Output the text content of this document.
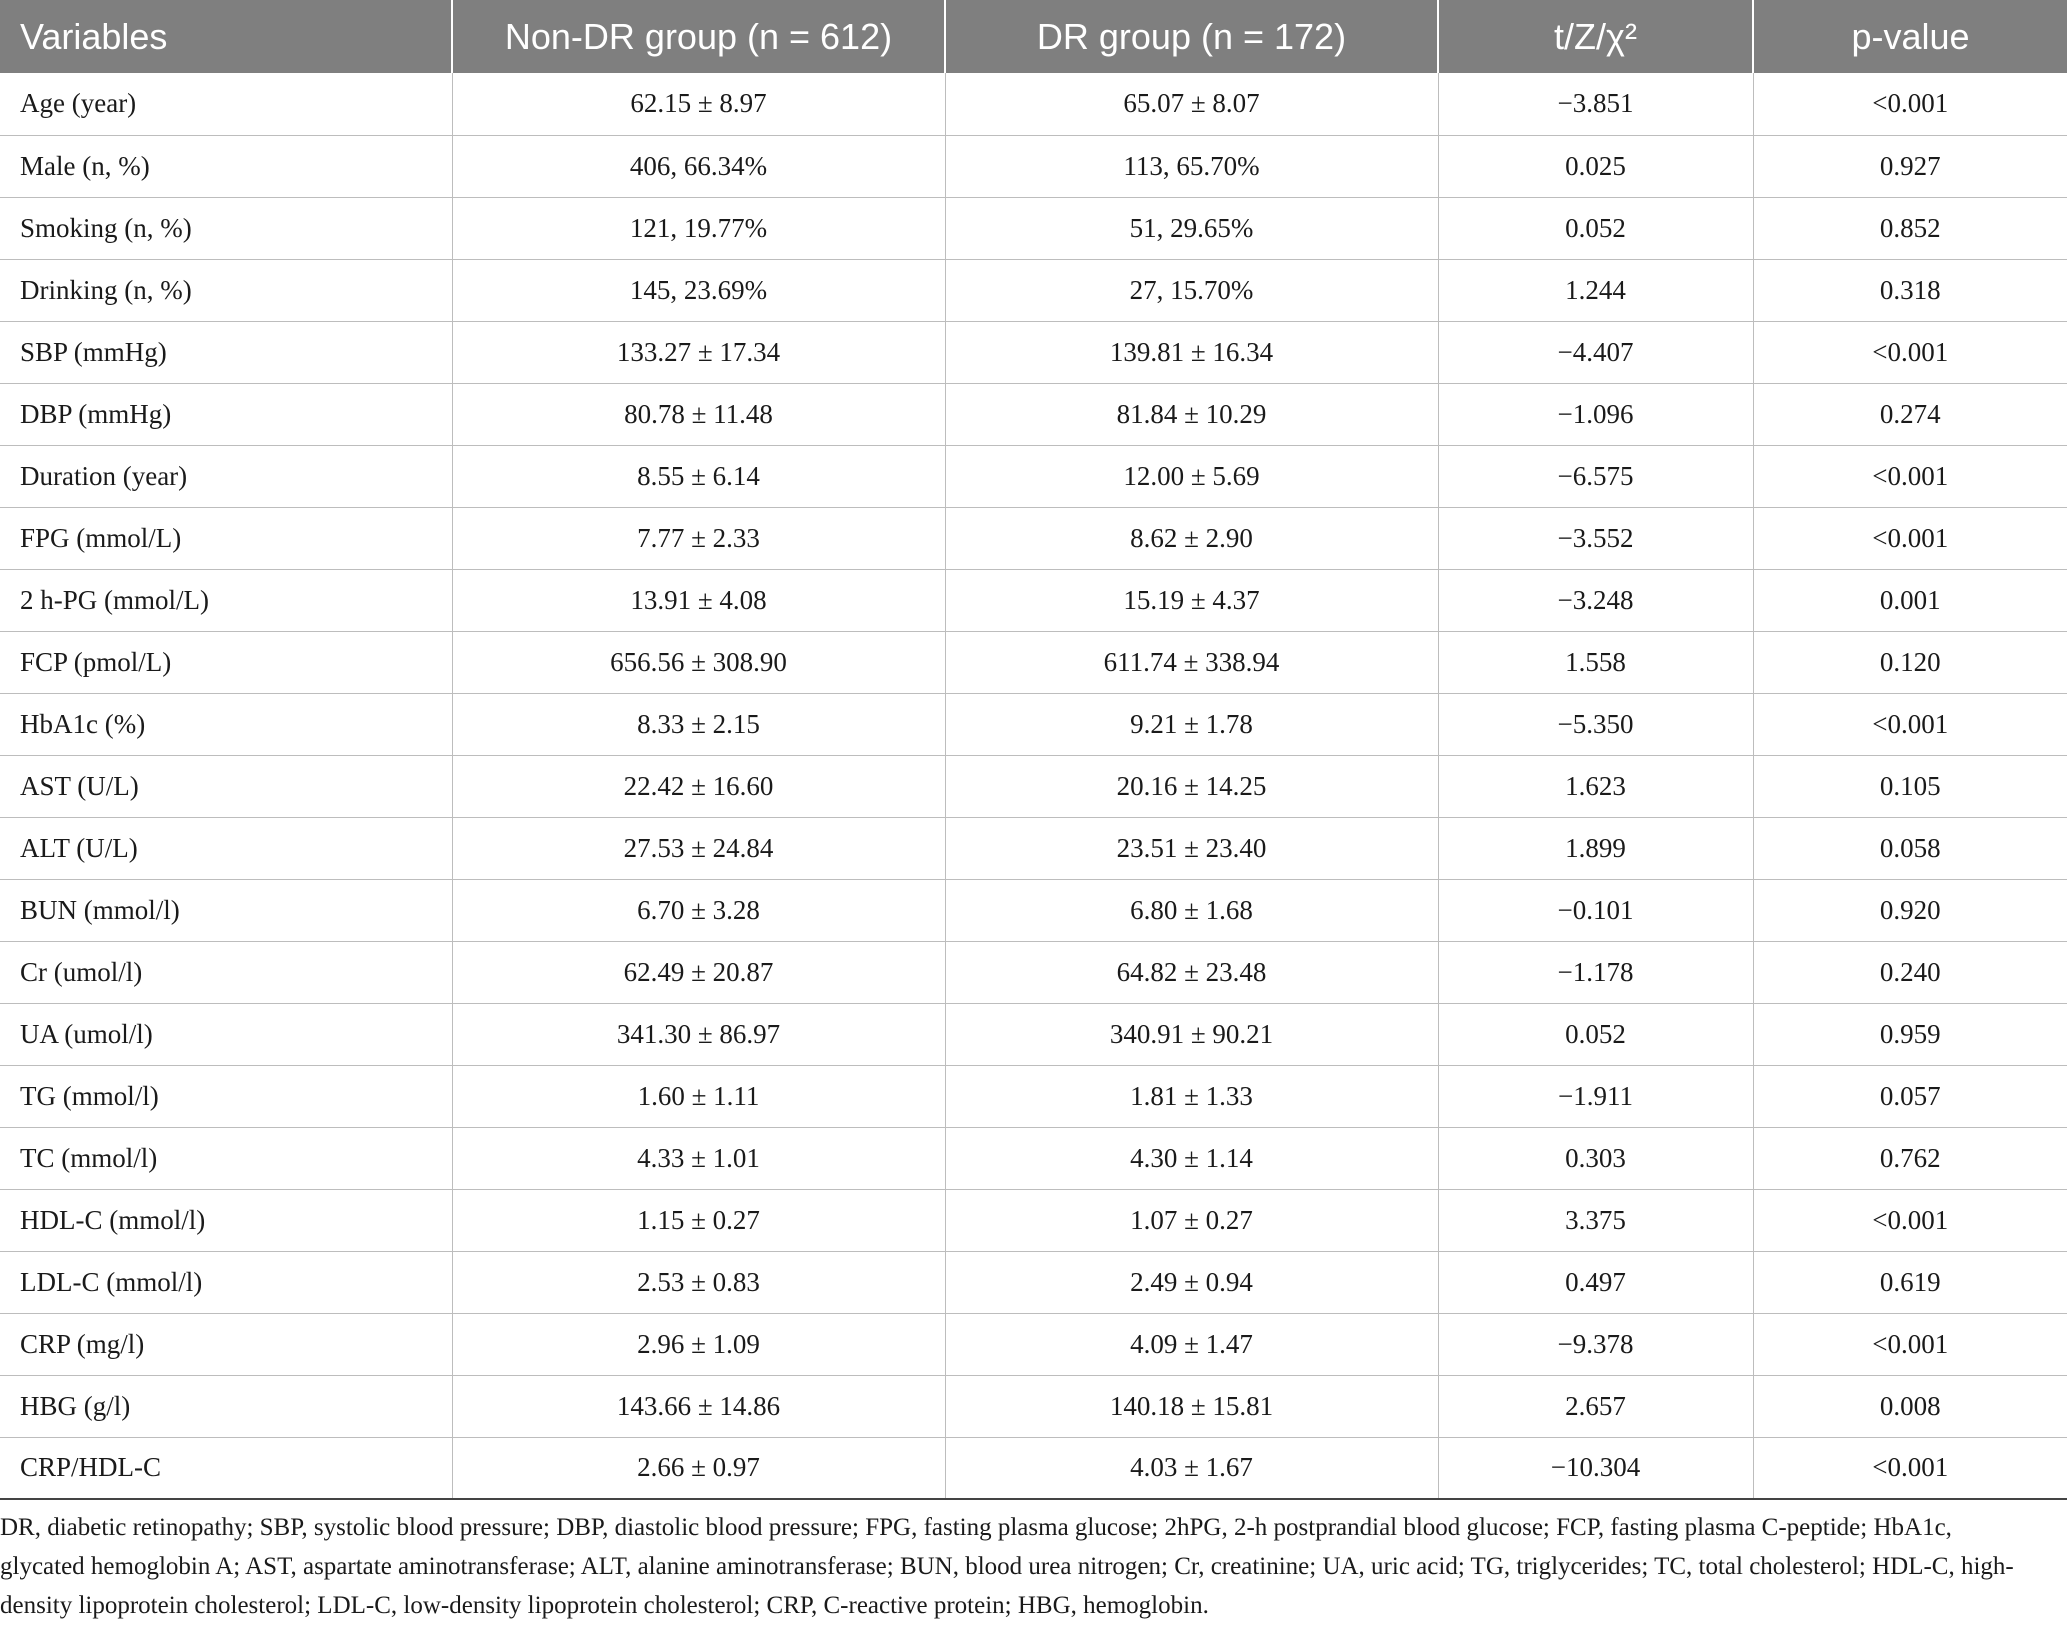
Variables	Non-DR group (n = 612)	DR group (n = 172)	t/Z/χ²	p-value
Age (year)	62.15 ± 8.97	65.07 ± 8.07	−3.851	<0.001
Male (n, %)	406, 66.34%	113, 65.70%	0.025	0.927
Smoking (n, %)	121, 19.77%	51, 29.65%	0.052	0.852
Drinking (n, %)	145, 23.69%	27, 15.70%	1.244	0.318
SBP (mmHg)	133.27 ± 17.34	139.81 ± 16.34	−4.407	<0.001
DBP (mmHg)	80.78 ± 11.48	81.84 ± 10.29	−1.096	0.274
Duration (year)	8.55 ± 6.14	12.00 ± 5.69	−6.575	<0.001
FPG (mmol/L)	7.77 ± 2.33	8.62 ± 2.90	−3.552	<0.001
2 h-PG (mmol/L)	13.91 ± 4.08	15.19 ± 4.37	−3.248	0.001
FCP (pmol/L)	656.56 ± 308.90	611.74 ± 338.94	1.558	0.120
HbA1c (%)	8.33 ± 2.15	9.21 ± 1.78	−5.350	<0.001
AST (U/L)	22.42 ± 16.60	20.16 ± 14.25	1.623	0.105
ALT (U/L)	27.53 ± 24.84	23.51 ± 23.40	1.899	0.058
BUN (mmol/l)	6.70 ± 3.28	6.80 ± 1.68	−0.101	0.920
Cr (umol/l)	62.49 ± 20.87	64.82 ± 23.48	−1.178	0.240
UA (umol/l)	341.30 ± 86.97	340.91 ± 90.21	0.052	0.959
TG (mmol/l)	1.60 ± 1.11	1.81 ± 1.33	−1.911	0.057
TC (mmol/l)	4.33 ± 1.01	4.30 ± 1.14	0.303	0.762
HDL-C (mmol/l)	1.15 ± 0.27	1.07 ± 0.27	3.375	<0.001
LDL-C (mmol/l)	2.53 ± 0.83	2.49 ± 0.94	0.497	0.619
CRP (mg/l)	2.96 ± 1.09	4.09 ± 1.47	−9.378	<0.001
HBG (g/l)	143.66 ± 14.86	140.18 ± 15.81	2.657	0.008
CRP/HDL-C	2.66 ± 0.97	4.03 ± 1.67	−10.304	<0.001

DR, diabetic retinopathy; SBP, systolic blood pressure; DBP, diastolic blood pressure; FPG, fasting plasma glucose; 2hPG, 2-h postprandial blood glucose; FCP, fasting plasma C-peptide; HbA1c, glycated hemoglobin A; AST, aspartate aminotransferase; ALT, alanine aminotransferase; BUN, blood urea nitrogen; Cr, creatinine; UA, uric acid; TG, triglycerides; TC, total cholesterol; HDL-C, high-density lipoprotein cholesterol; LDL-C, low-density lipoprotein cholesterol; CRP, C-reactive protein; HBG, hemoglobin.
